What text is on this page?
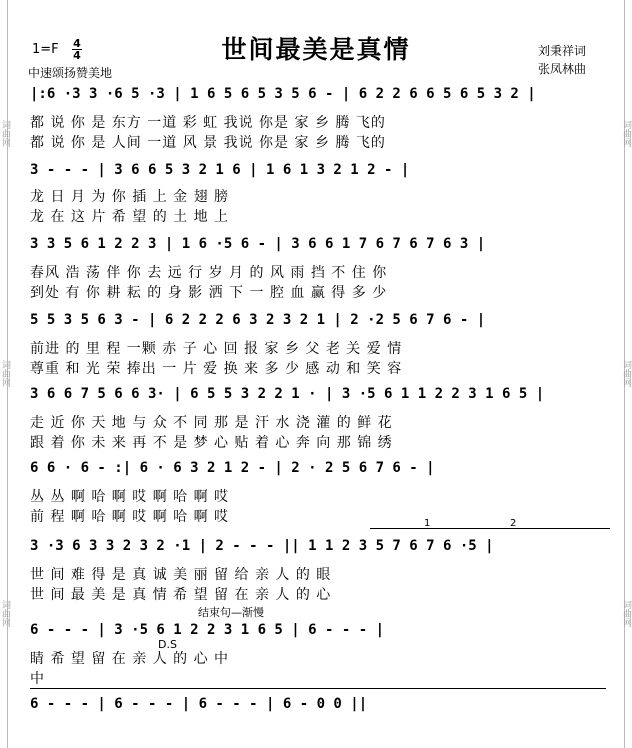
世间最美是真情
1=F 4
4
中速颂扬赞美地
刘秉祥词
张凤林曲
|:6 ·3 3 ·6 5 ·3 | 1 6 5 6 5 3 5 6 - | 6 2 2 6 6 5 6 5 3 2 |
都 说 你 是 东方 一道 彩 虹 我说 你是 家 乡 腾 飞的
都 说 你 是 人间 一道 风 景 我说 你是 家 乡 腾 飞的
3 - - - | 3 6 6 5 3 2 1 6 | 1 6 1 3 2 1 2 - |
龙 日 月 为 你 插 上 金 翅 膀
龙 在 这 片 希 望 的 土 地 上
3 3 5 6 1 2 2 3 | 1 6 ·5 6 - | 3 6 6 1 7 6 7 6 7 6 3 |
春风 浩 荡 伴 你 去 远 行 岁 月 的 风 雨 挡 不 住 你
到处 有 你 耕 耘 的 身 影 洒 下 一 腔 血 赢 得 多 少
5 5 3 5 6 3 - | 6 2 2 2 6 3 2 3 2 1 | 2 ·2 5 6 7 6 - |
前进 的 里 程 一颗 赤 子 心 回 报 家 乡 父 老 关 爱 情
尊重 和 光 荣 捧出 一 片 爱 换 来 多 少 感 动 和 笑 容
3 6 6 7 5 6 6 3· | 6 5 5 3 2 2 1 · | 3 ·5 6 1 1 2 2 3 1 6 5 |
走 近 你 天 地 与 众 不 同 那 是 汗 水 浇 灌 的 鲜 花
跟 着 你 未 来 再 不 是 梦 心 贴 着 心 奔 向 那 锦 绣
6 6 · 6 - :| 6 · 6 3 2 1 2 - | 2 · 2 5 6 7 6 - |
丛 丛 啊 哈 啊 哎 啊 哈 啊 哎
前 程 啊 哈 啊 哎 啊 哈 啊 哎	1	2
3 ·3 6 3 3 2 3 2 ·1 | 2 - - - || 1 1 2 3 5 7 6 7 6 ·5 |
世 间 难 得 是 真 诚 美 丽 留 给 亲 人 的 眼
世 间 最 美 是 真 情 希 望 留 在 亲 人 的 心
结束句—渐慢
6 - - - | 3 ·5 6 1 2 2 3 1 6 5 | 6 - - - |
睛 希 望 留 在 亲 人 的 心 中
中
D.S
6 - - - | 6 - - - | 6 - - - | 6 - 0 0 ||
词曲网
词曲网
词曲网
词曲网
词曲网
词曲网
